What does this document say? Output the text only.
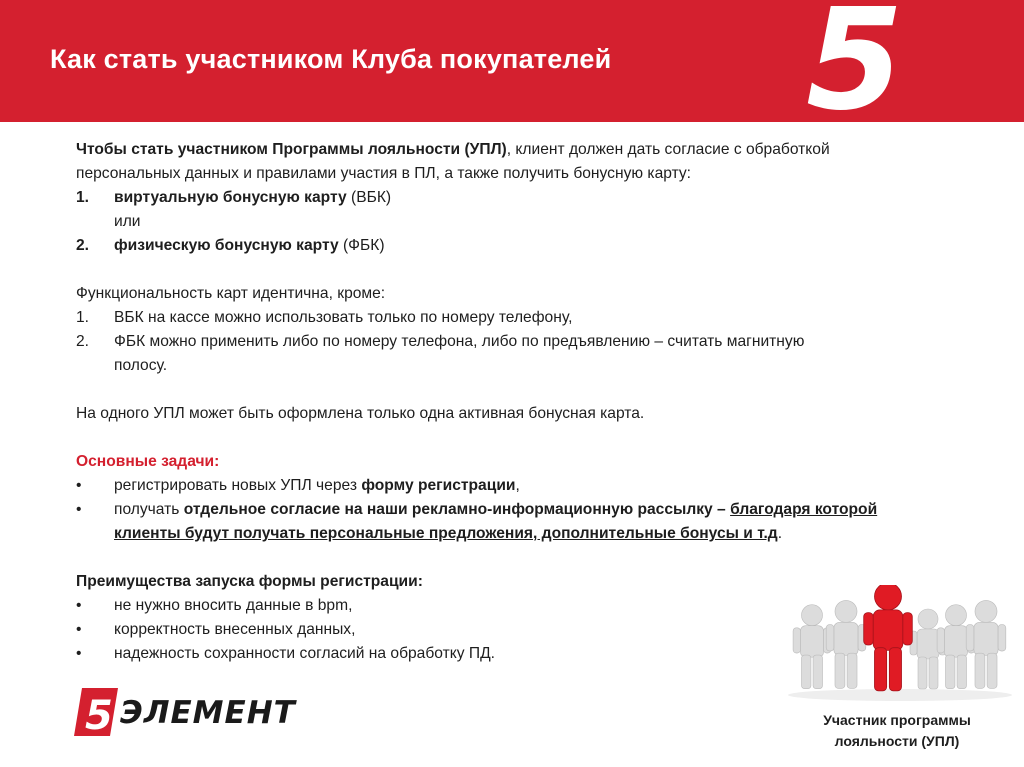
Как стать участником Клуба покупателей 5

Чтобы стать участником Программы лояльности (УПЛ), клиент должен дать согласие с обработкой

персональных данных и правилами участия в ПЛ, а также получить бонусную карту:

1.	виртуальную бонусную карту (ВБК)
или
2.	физическую бонусную карту (ФБК)

Функциональность карт идентична, кроме:

1.	ВБК на кассе можно использовать только по номеру телефону,
2.	ФБК можно применить либо по номеру телефона, либо по предъявлению – считать магнитную
полосу.

На одного УПЛ может быть оформлена только одна активная бонусная карта.

Основные задачи:

•	регистрировать новых УПЛ через форму регистрации,
•	получать отдельное согласие на наши рекламно-информационную рассылку – благодаря которой
клиенты будут получать персональные предложения, дополнительные бонусы и т.д.

Преимущества запуска формы регистрации:

•	не нужно вносить данные в bpm,
•	корректность внесенных данных,
•	надежность сохранности согласий на обработку ПД.
Участник программы
лояльности (УПЛ)
5 ЭЛЕМЕНТ
